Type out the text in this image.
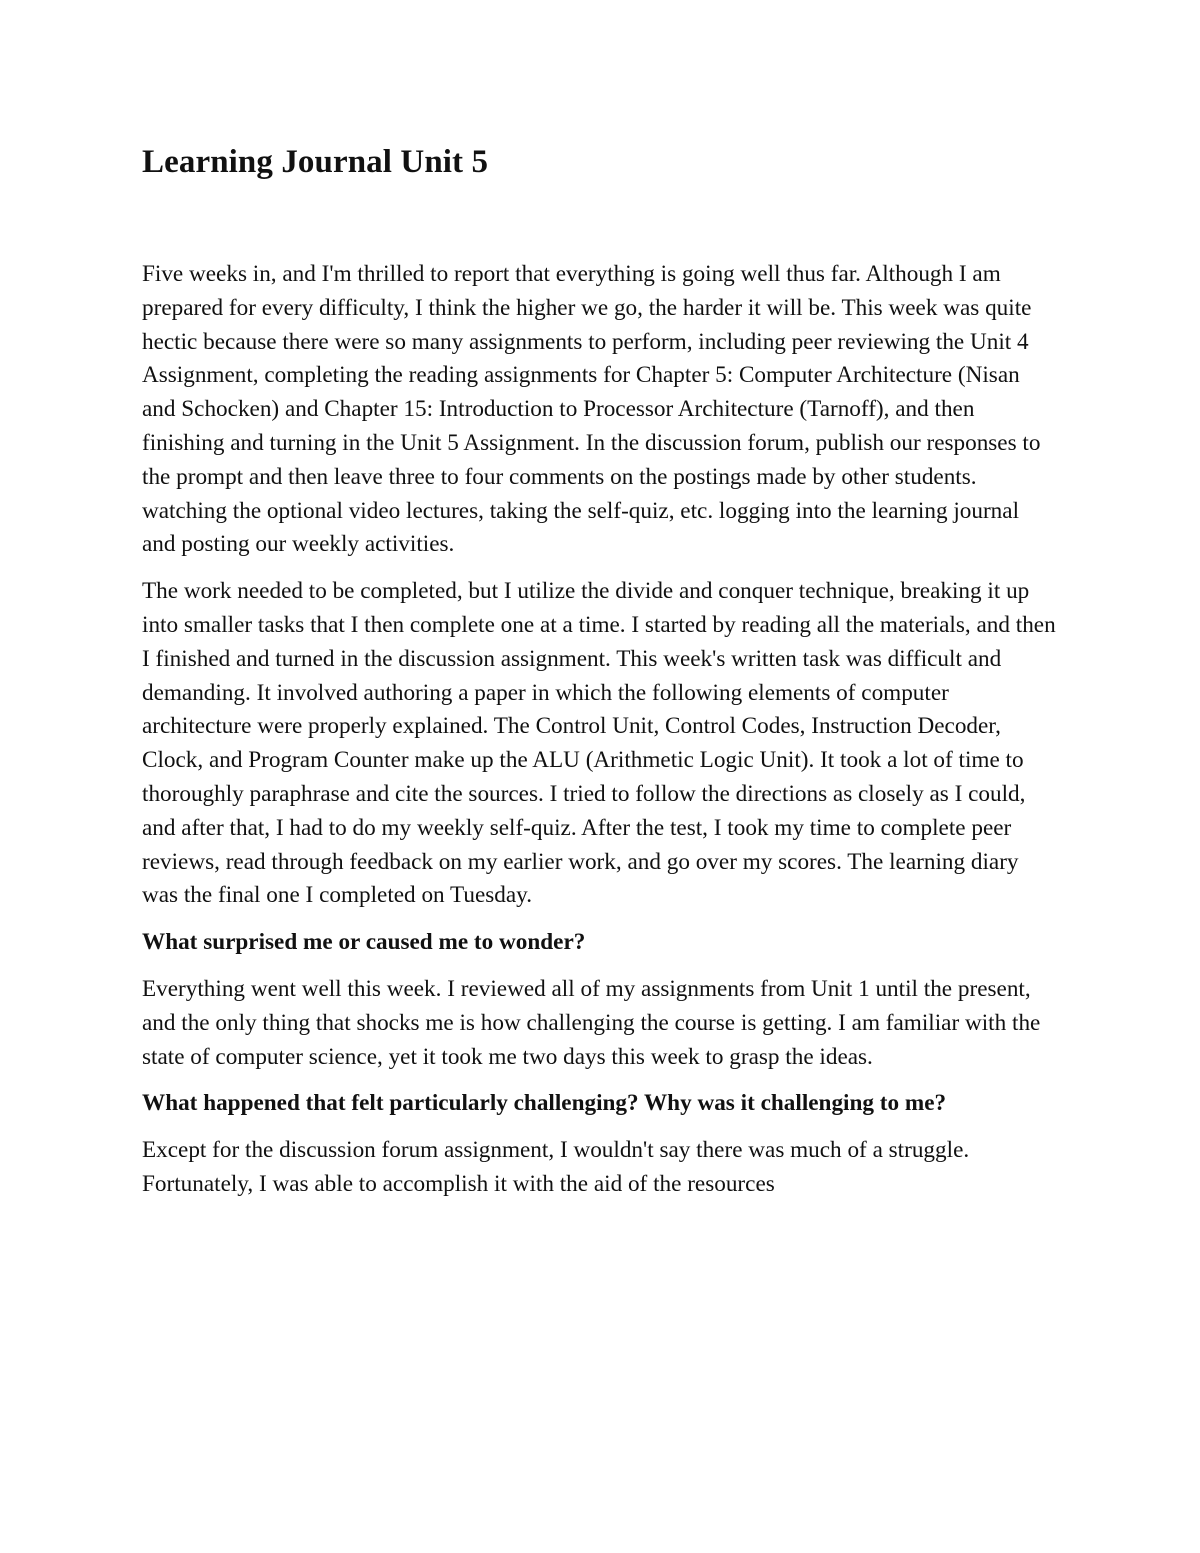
Learning Journal Unit 5

Five weeks in, and I'm thrilled to report that everything is going well thus far. Although I am prepared for every difficulty, I think the higher we go, the harder it will be. This week was quite hectic because there were so many assignments to perform, including peer reviewing the Unit 4 Assignment, completing the reading assignments for Chapter 5: Computer Architecture (Nisan and Schocken) and Chapter 15: Introduction to Processor Architecture (Tarnoff), and then finishing and turning in the Unit 5 Assignment. In the discussion forum, publish our responses to the prompt and then leave three to four comments on the postings made by other students. watching the optional video lectures, taking the self-quiz, etc. logging into the learning journal and posting our weekly activities.

The work needed to be completed, but I utilize the divide and conquer technique, breaking it up into smaller tasks that I then complete one at a time. I started by reading all the materials, and then I finished and turned in the discussion assignment. This week's written task was difficult and demanding. It involved authoring a paper in which the following elements of computer architecture were properly explained. The Control Unit, Control Codes, Instruction Decoder, Clock, and Program Counter make up the ALU (Arithmetic Logic Unit). It took a lot of time to thoroughly paraphrase and cite the sources. I tried to follow the directions as closely as I could, and after that, I had to do my weekly self-quiz. After the test, I took my time to complete peer reviews, read through feedback on my earlier work, and go over my scores. The learning diary was the final one I completed on Tuesday.

What surprised me or caused me to wonder?

Everything went well this week. I reviewed all of my assignments from Unit 1 until the present, and the only thing that shocks me is how challenging the course is getting. I am familiar with the state of computer science, yet it took me two days this week to grasp the ideas.

What happened that felt particularly challenging? Why was it challenging to me?

Except for the discussion forum assignment, I wouldn't say there was much of a struggle. Fortunately, I was able to accomplish it with the aid of the resources
